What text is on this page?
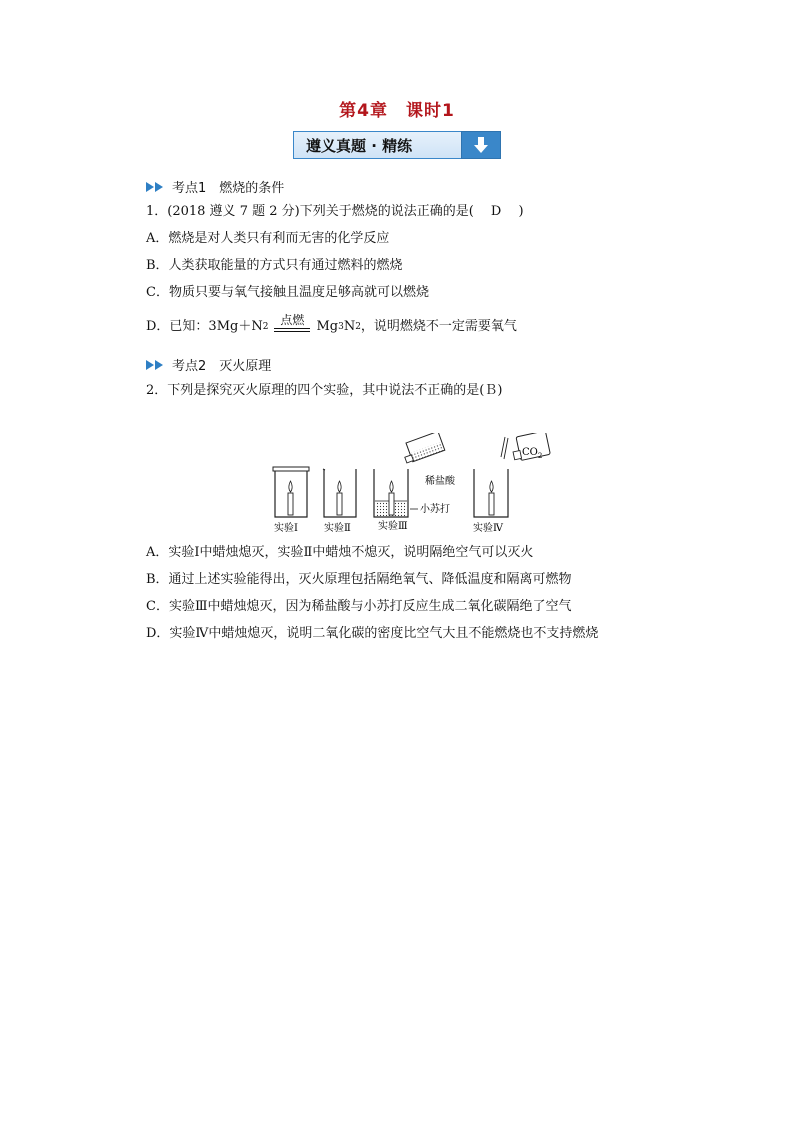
第4章　课时1
遵义真题 · 精练
考点1　燃烧的条件
1．(2018 遵义 7 题 2 分)下列关于燃烧的说法正确的是(　 D　 )
A．燃烧是对人类只有利而无害的化学反应
B．人类获取能量的方式只有通过燃料的燃烧
C．物质只要与氧气接触且温度足够高就可以燃烧
D．已知：3Mg＋N 2 点燃 Mg 3 N 2 ，说明燃烧不一定需要氧气
考点2　灭火原理
2．下列是探究灭火原理的四个实验，其中说法不正确的是(Ｂ)
实验Ⅰ	实验Ⅱ	实验Ⅲ	实验Ⅳ
稀盐酸
小苏打
$CO_2$
A．实验Ⅰ中蜡烛熄灭，实验Ⅱ中蜡烛不熄灭，说明隔绝空气可以灭火
B．通过上述实验能得出，灭火原理包括隔绝氧气、降低温度和隔离可燃物
C．实验Ⅲ中蜡烛熄灭，因为稀盐酸与小苏打反应生成二氧化碳隔绝了空气
D．实验Ⅳ中蜡烛熄灭，说明二氧化碳的密度比空气大且不能燃烧也不支持燃烧
